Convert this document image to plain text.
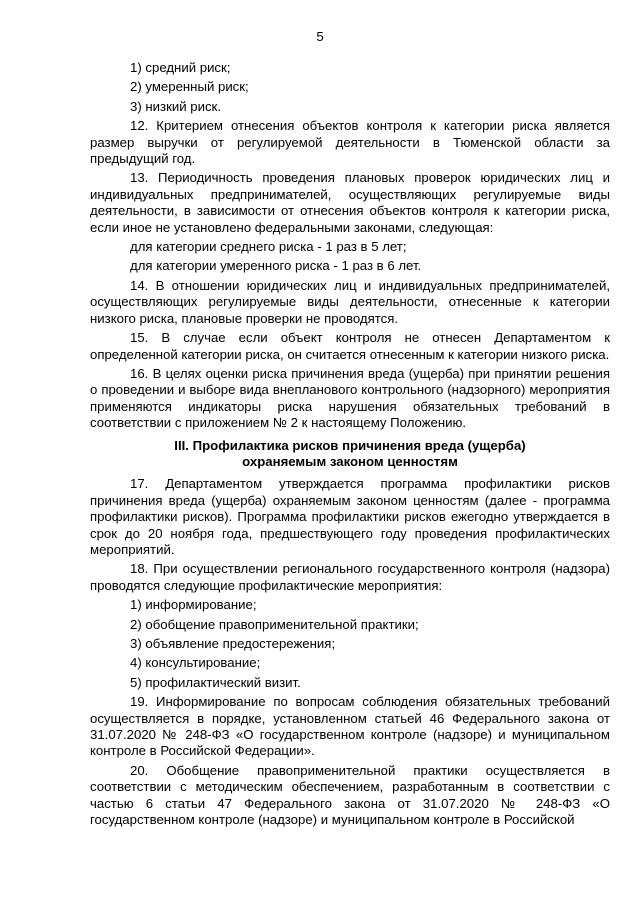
5

1) средний риск;

2) умеренный риск;

3) низкий риск.

12. Критерием отнесения объектов контроля к категории риска является размер выручки от регулируемой деятельности в Тюменской области за предыдущий год.

13. Периодичность проведения плановых проверок юридических лиц и индивидуальных предпринимателей, осуществляющих регулируемые виды деятельности, в зависимости от отнесения объектов контроля к категории риска, если иное не установлено федеральными законами, следующая:

для категории среднего риска - 1 раз в 5 лет;

для категории умеренного риска - 1 раз в 6 лет.

14. В отношении юридических лиц и индивидуальных предпринимателей, осуществляющих регулируемые виды деятельности, отнесенные к категории низкого риска, плановые проверки не проводятся.

15. В случае если объект контроля не отнесен Департаментом к определенной категории риска, он считается отнесенным к категории низкого риска.

16. В целях оценки риска причинения вреда (ущерба) при принятии решения о проведении и выборе вида внепланового контрольного (надзорного) мероприятия применяются индикаторы риска нарушения обязательных требований в соответствии с приложением № 2 к настоящему Положению.

III. Профилактика рисков причинения вреда (ущерба)
охраняемым законом ценностям

17. Департаментом утверждается программа профилактики рисков причинения вреда (ущерба) охраняемым законом ценностям (далее - программа профилактики рисков). Программа профилактики рисков ежегодно утверждается в срок до 20 ноября года, предшествующего году проведения профилактических мероприятий.

18. При осуществлении регионального государственного контроля (надзора) проводятся следующие профилактические мероприятия:

1) информирование;

2) обобщение правоприменительной практики;

3) объявление предостережения;

4) консультирование;

5) профилактический визит.

19. Информирование по вопросам соблюдения обязательных требований осуществляется в порядке, установленном статьей 46 Федерального закона от 31.07.2020 № 248-ФЗ «О государственном контроле (надзоре) и муниципальном контроле в Российской Федерации».

20. Обобщение правоприменительной практики осуществляется в соответствии с методическим обеспечением, разработанным в соответствии с частью 6 статьи 47 Федерального закона от 31.07.2020 № 248-ФЗ «О государственном контроле (надзоре) и муниципальном контроле в Российской
